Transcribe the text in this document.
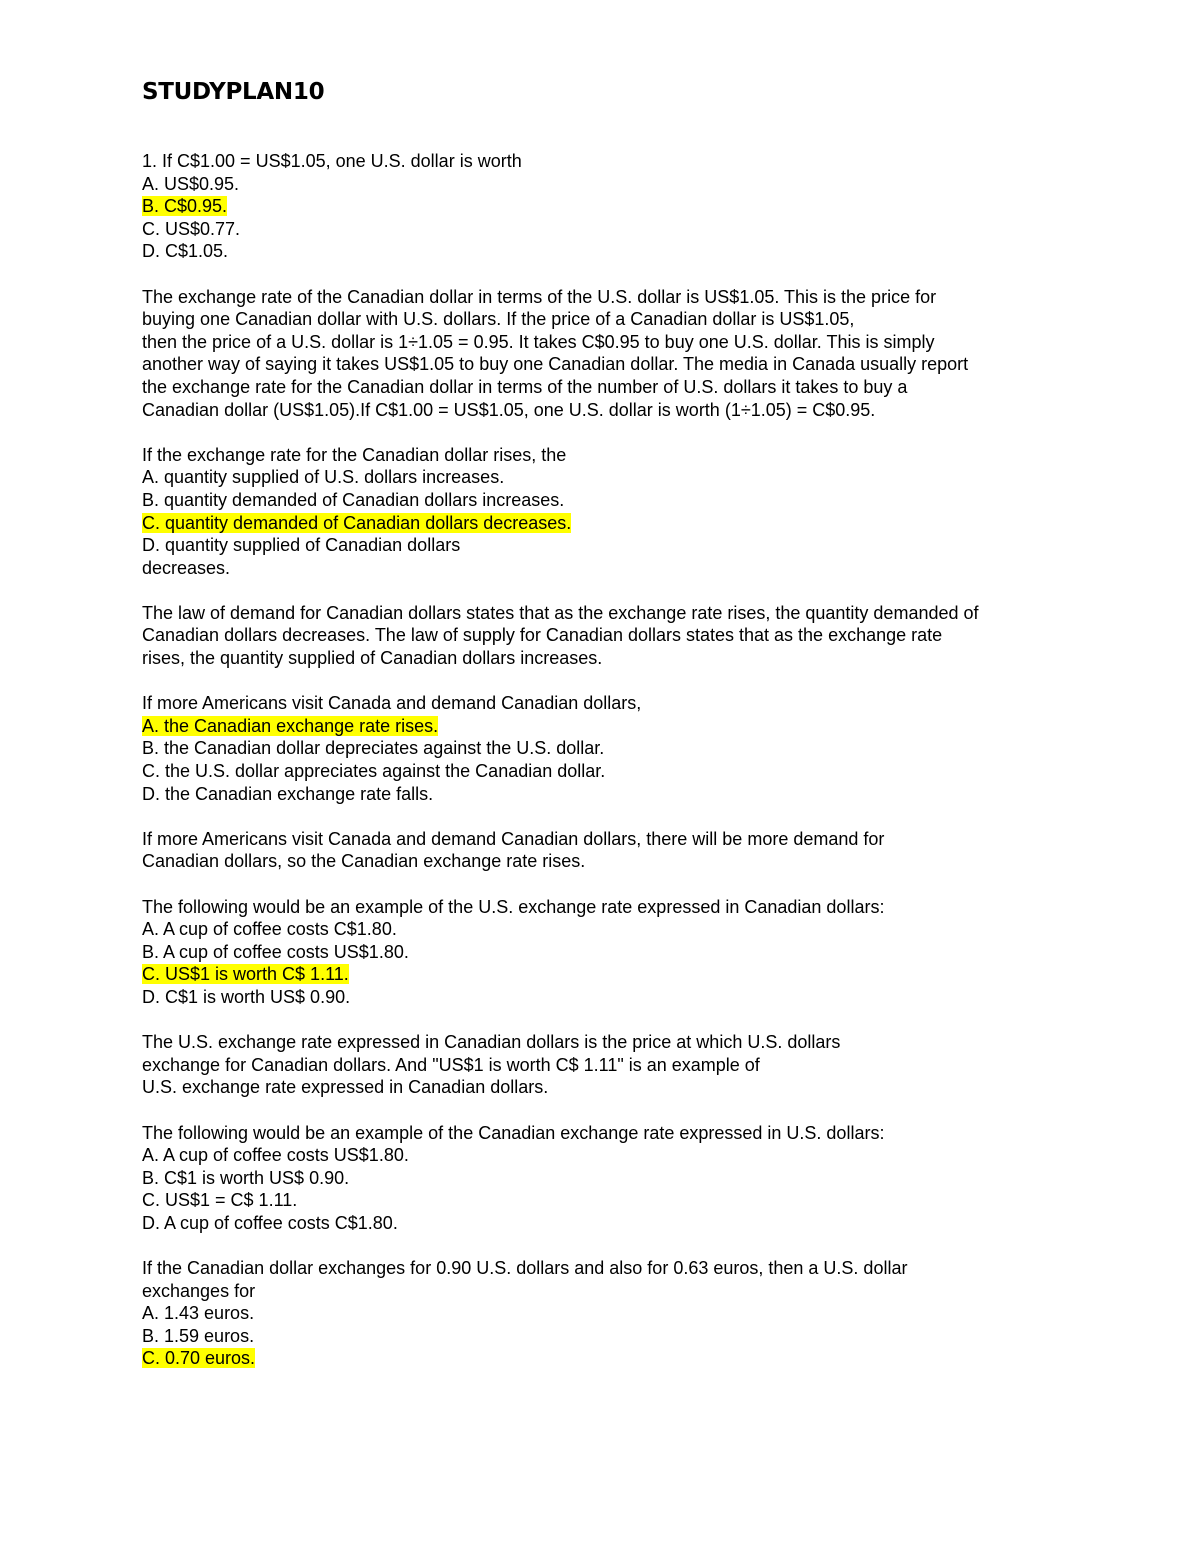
STUDYPLAN10
1. If C$1.00 = US$1.05, one U.S. dollar is worth
A. US$0.95.
B. C$0.95.
C. US$0.77.
D. C$1.05.
The exchange rate of the Canadian dollar in terms of the U.S. dollar is US$1.05. This is the price for
buying one Canadian dollar with U.S. dollars. If the price of a Canadian dollar is US$1.05,
then the price of a U.S. dollar is 1÷1.05 = 0.95. It takes C$0.95 to buy one U.S. dollar. This is simply
another way of saying it takes US$1.05 to buy one Canadian dollar. The media in Canada usually report
the exchange rate for the Canadian dollar in terms of the number of U.S. dollars it takes to buy a
Canadian dollar (US$1.05).If C$1.00 = US$1.05, one U.S. dollar is worth (1÷1.05) = C$0.95.
If the exchange rate for the Canadian dollar rises, the
A. quantity supplied of U.S. dollars increases.
B. quantity demanded of Canadian dollars increases.
C. quantity demanded of Canadian dollars decreases.
D. quantity supplied of Canadian dollars
decreases.
The law of demand for Canadian dollars states that as the exchange rate rises, the quantity demanded of
Canadian dollars decreases. The law of supply for Canadian dollars states that as the exchange rate
rises, the quantity supplied of Canadian dollars increases.
If more Americans visit Canada and demand Canadian dollars,
A. the Canadian exchange rate rises.
B. the Canadian dollar depreciates against the U.S. dollar.
C. the U.S. dollar appreciates against the Canadian dollar.
D. the Canadian exchange rate falls.
If more Americans visit Canada and demand Canadian dollars, there will be more demand for
Canadian dollars, so the Canadian exchange rate rises.
The following would be an example of the U.S. exchange rate expressed in Canadian dollars:
A. A cup of coffee costs C$1.80.
B. A cup of coffee costs US$1.80.
C. US$1 is worth C$ 1.11.
D. C$1 is worth US$ 0.90.
The U.S. exchange rate expressed in Canadian dollars is the price at which U.S. dollars
exchange for Canadian dollars. And "US$1 is worth C$ 1.11" is an example of
U.S. exchange rate expressed in Canadian dollars.
The following would be an example of the Canadian exchange rate expressed in U.S. dollars:
A. A cup of coffee costs US$1.80.
B. C$1 is worth US$ 0.90.
C. US$1 = C$ 1.11.
D. A cup of coffee costs C$1.80.
If the Canadian dollar exchanges for 0.90 U.S. dollars and also for 0.63 euros, then a U.S. dollar
exchanges for
A. 1.43 euros.
B. 1.59 euros.
C. 0.70 euros.
